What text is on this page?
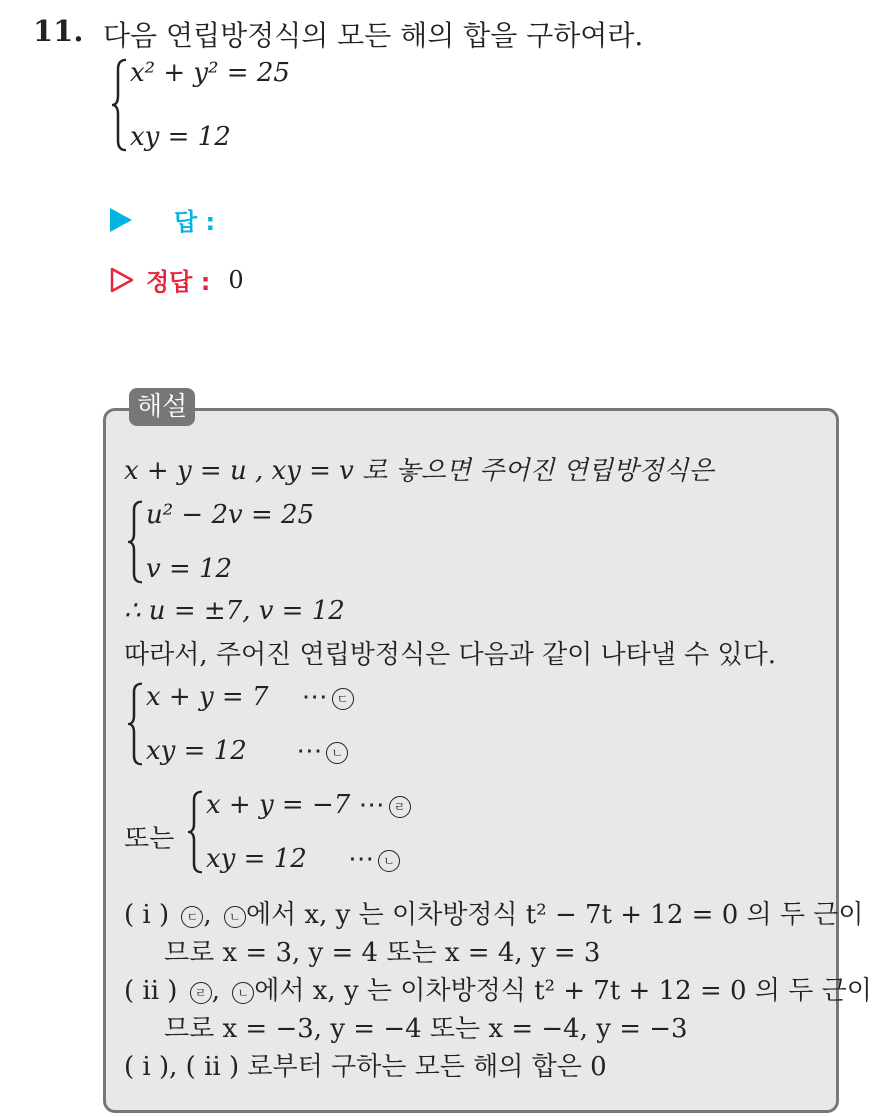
11. 다음 연립방정식의 모든 해의 합을 구하여라.
x² + y² = 25
xy = 12
답 :
정답 : 0
해설
x + y = u , xy = v 로 놓으면 주어진 연립방정식은
u² − 2v = 25
v = 12
∴ u = ±7, v = 12
따라서, 주어진 연립방정식은 다음과 같이 나타낼 수 있다.
x + y = 7 ⋯ ㄷ
xy = 12 ⋯ ㄴ
또는
x + y = −7 ⋯ ㄹ
xy = 12 ⋯ ㄴ
( i ) ㄷ , ㄴ 에서 x, y 는 이차방정식 t² − 7t + 12 = 0 의 두 근이
므로 x = 3, y = 4 또는 x = 4, y = 3
( ii ) ㄹ , ㄴ 에서 x, y 는 이차방정식 t² + 7t + 12 = 0 의 두 근이
므로 x = −3, y = −4 또는 x = −4, y = −3
( i ), ( ii ) 로부터 구하는 모든 해의 합은 0
